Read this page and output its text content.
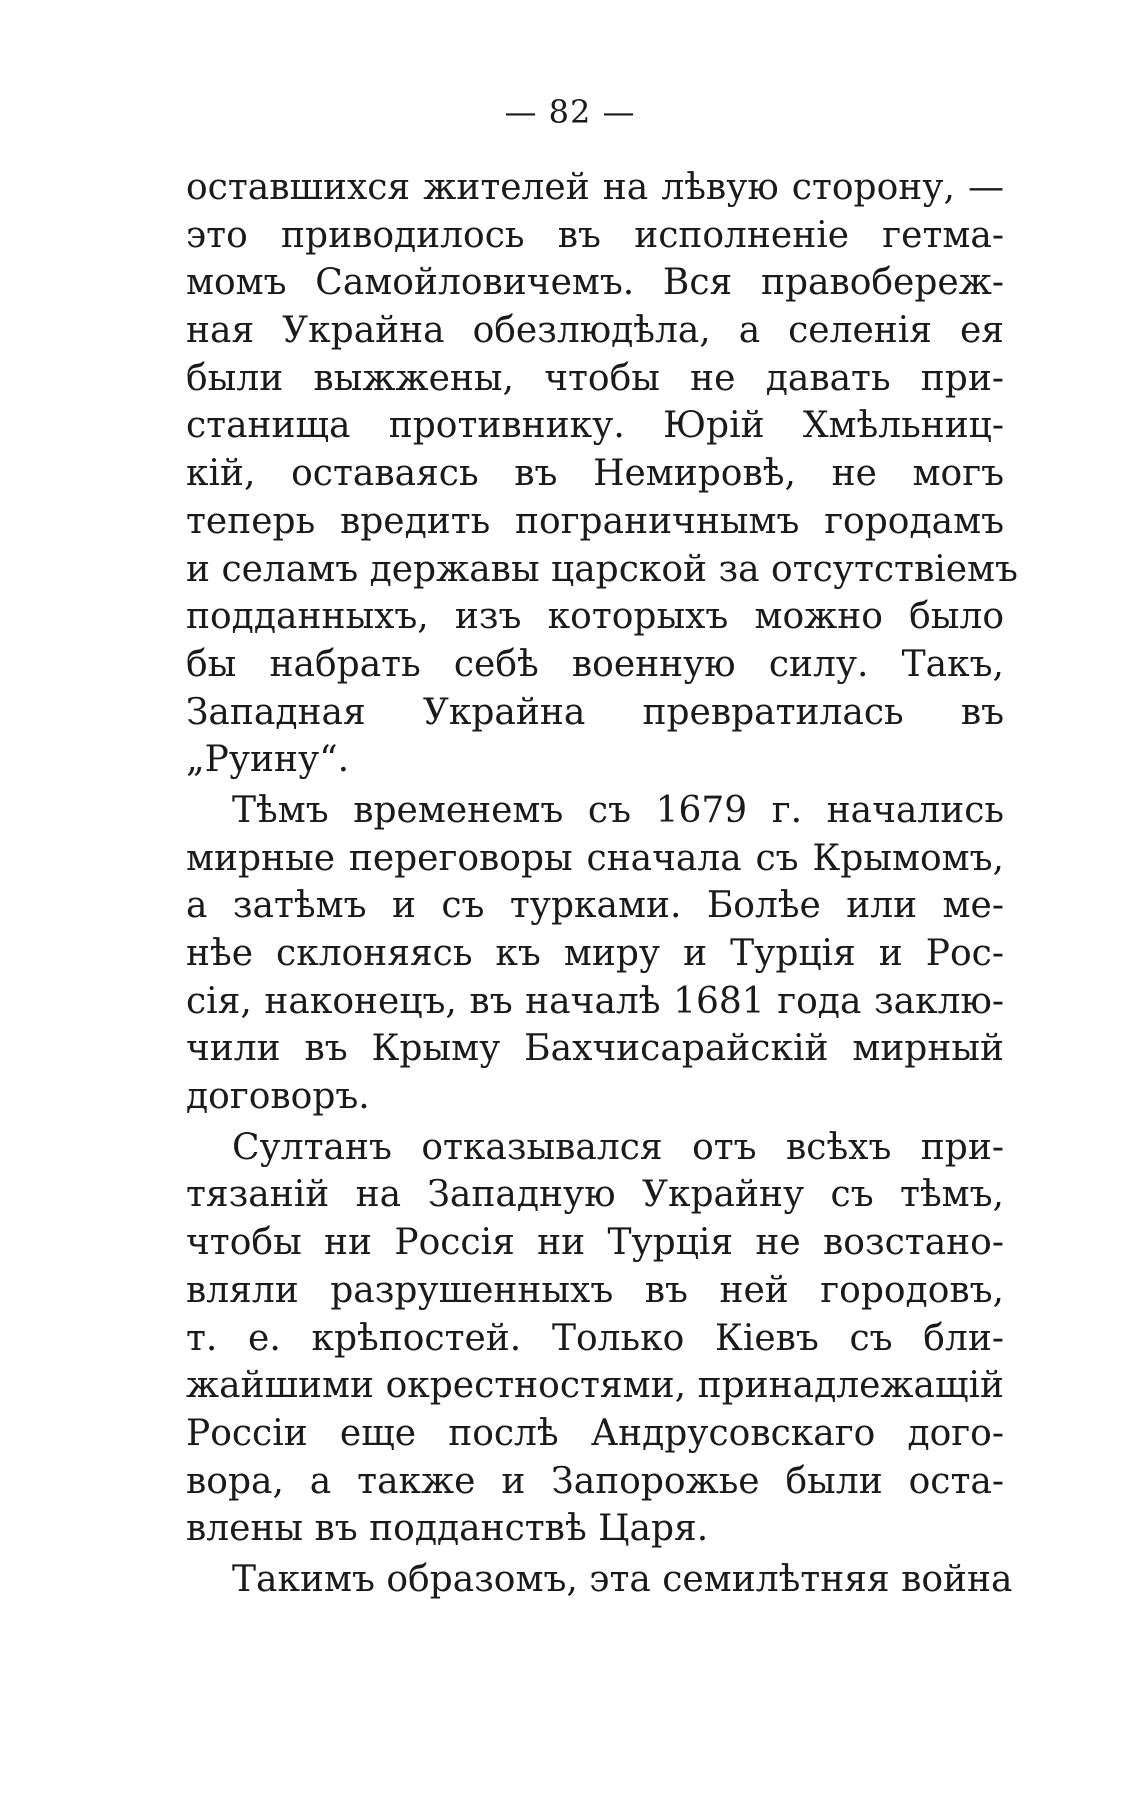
— 82 —

оставшихся жителей на лѣвую сторону, —
это приводилось въ исполненіе гетма-
момъ Самойловичемъ. Вся правобереж-
ная Украйна обезлюдѣла, а селенія ея
были выжжены, чтобы не давать при-
станища противнику. Юрій Хмѣльниц-
кій, оставаясь въ Немировѣ, не могъ
теперь вредить пограничнымъ городамъ
и селамъ державы царской за отсутствіемъ
подданныхъ, изъ которыхъ можно было
бы набрать себѣ военную силу. Такъ,
Западная Украйна превратилась въ
„Руину“.

Тѣмъ временемъ съ 1679 г. начались
мирные переговоры сначала съ Крымомъ,
а затѣмъ и съ турками. Болѣе или ме-
нѣе склоняясь къ миру и Турція и Рос-
сія, наконецъ, въ началѣ 1681 года заклю-
чили въ Крыму Бахчисарайскій мирный
договоръ.

Султанъ отказывался отъ всѣхъ при-
тязаній на Западную Украйну съ тѣмъ,
чтобы ни Россія ни Турція не возстано-
вляли разрушенныхъ въ ней городовъ,
т. е. крѣпостей. Только Кіевъ съ бли-
жайшими окрестностями, принадлежащій
Россіи еще послѣ Андрусовскаго дого-
вора, а также и Запорожье были оста-
влены въ подданствѣ Царя.

Такимъ образомъ, эта семилѣтняя война
